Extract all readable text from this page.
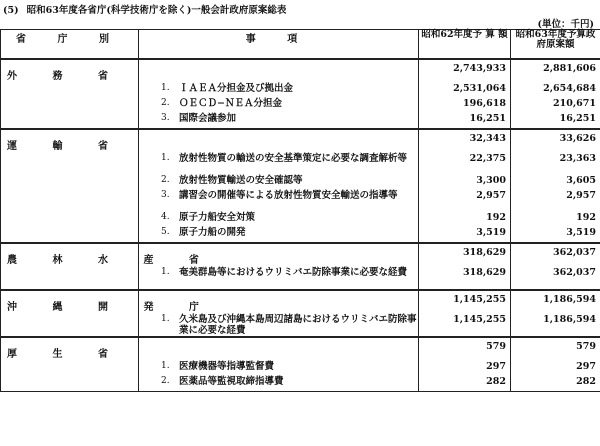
(5) 昭和63年度各省庁(科学技術庁を除く)一般会計政府原案総表
(単位：千円)
省 庁 別	事 項	昭和62年度予 算 額	昭和63年度予算政府原案額

外 務 省		2,743,933	2,881,606

	1. ＩＡＥＡ分担金及び拠出金	2,531,064	2,654,684

	2. ＯＥＣＤ−ＮＥＡ分担金	196,618	210,671

	3. 国際会議参加	16,251	16,251

運 輸 省		32,343	33,626

	1. 放射性物質の輸送の安全基準策定に必要な調査解析等	22,375	23,363

	2. 放射性物質輸送の安全確認等	3,300	3,605

	3. 講習会の開催等による放射性物質安全輸送の指導等	2,957	2,957

	4. 原子力船安全対策	192	192

	5. 原子力船の開発	3,519	3,519

農 林 水 産 省		318,629	362,037

	1. 奄美群島等におけるウリミバエ防除事業に必要な経費	318,629	362,037

沖 縄 開 発 庁		1,145,255	1,186,594

	1. 久米島及び沖縄本島周辺諸島におけるウリミバエ防除事業に必要な経費	1,145,255	1,186,594

厚 生 省		579	579

	1. 医療機器等指導監督費	297	297

	2. 医薬品等監視取締指導費	282	282
